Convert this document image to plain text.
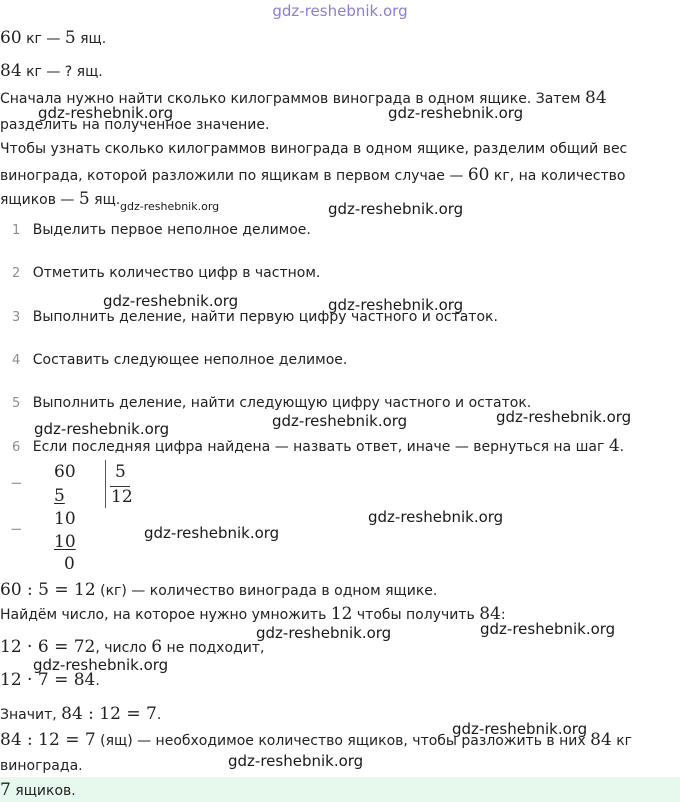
gdz-reshebnik.org
60 кг — 5 ящ.
84 кг — ? ящ.
Сначала нужно найти сколько килограммов винограда в одном ящике. Затем 84
разделить на полученное значение.
Чтобы узнать сколько килограммов винограда в одном ящике, разделим общий вес
винограда, которой разложили по ящикам в первом случае — 60 кг, на количество
ящиков — 5 ящ.
1 Выделить первое неполное делимое.
2 Отметить количество цифр в частном.
3 Выполнить деление, найти первую цифру частного и остаток.
4 Составить следующее неполное делимое.
5 Выполнить деление, найти следующую цифру частного и остаток.
6 Если последняя цифра найдена — назвать ответ, иначе — вернуться на шаг 4.
−
60
5
5
12
− 10
10
0
60 : 5 = 12 (кг) — количество винограда в одном ящике.
Найдём число, на которое нужно умножить 12 чтобы получить 84:
12 · 6 = 72, число 6 не подходит,
12 · 7 = 84.
Значит, 84 : 12 = 7.
84 : 12 = 7 (ящ) — необходимое количество ящиков, чтобы разложить в них 84 кг
винограда.
7 ящиков.
gdz-reshebnik.org	gdz-reshebnik.org
gdz-reshebnik.org	gdz-reshebnik.org
gdz-reshebnik.org	gdz-reshebnik.org
gdz-reshebnik.org	gdz-reshebnik.org
gdz-reshebnik.org
gdz-reshebnik.org
gdz-reshebnik.org
gdz-reshebnik.org	gdz-reshebnik.org
gdz-reshebnik.org
gdz-reshebnik.org
gdz-reshebnik.org
